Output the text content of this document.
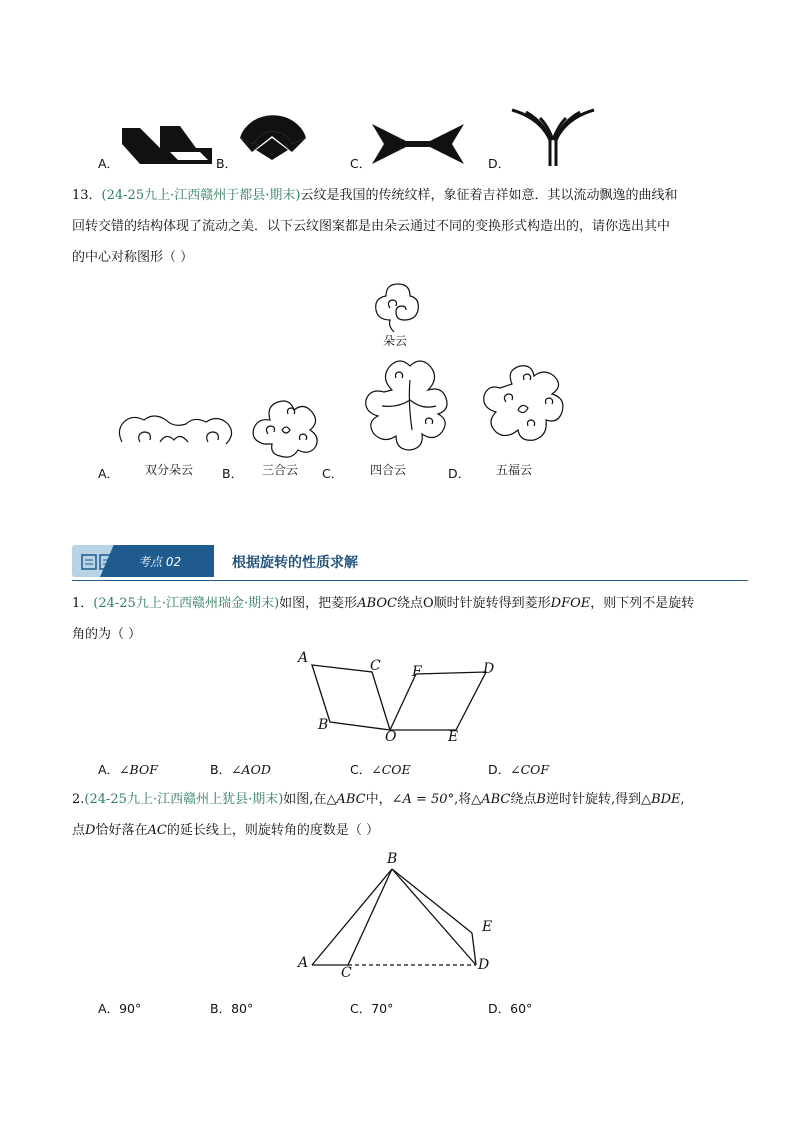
A．	B．	C．	D．
13．(24-25九上·江西赣州于都县·期末)云纹是我国的传统纹样，象征着吉祥如意．其以流动飘逸的曲线和
回转交错的结构体现了流动之美．以下云纹图案都是由朵云通过不同的变换形式构造出的，请你选出其中
的中心对称图形（ ）
朵云
A． 双分朵云 B． 三合云 C． 四合云	D． 五福云
考点 02	根据旋转的性质求解
1．(24-25九上·江西赣州瑞金·期末)如图，把菱形ABOC绕点O顺时针旋转得到菱形DFOE，则下列不是旋转
角的为（ ）
A	C F	D
B
O	E
A．∠BOF	B．∠AOD	C．∠COE	D．∠COF
2.(24-25九上·江西赣州上犹县·期末)如图,在△ABC中，∠A = 50°,将△ABC绕点B逆时针旋转,得到△BDE,
点D恰好落在AC的延长线上，则旋转角的度数是（ ）
B
E
A
C	D
A．90°	B．80°	C．70°	D．60°
